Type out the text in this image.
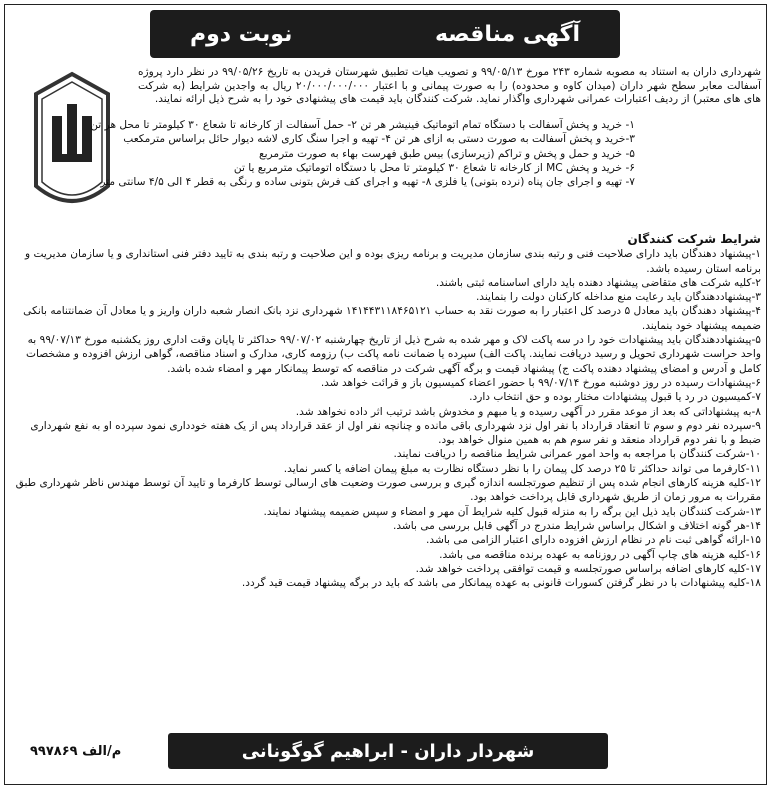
نوبت دوم	آگهی مناقصه
شهرداری داران به استناد به مصوبه شماره ۲۴۳ مورخ ۹۹/۰۵/۱۳ و تصویب هیات تطبیق شهرستان فریدن به تاریخ ۹۹/۰۵/۲۶ در نظر دارد پروژه آسفالت معابر سطح شهر داران (میدان کاوه و محدوده) را به صورت پیمانی و با اعتبار ۲۰/۰۰۰/۰۰۰/۰۰۰ ریال به واجدین شرایط (به شرکت های های معتبر) از ردیف اعتبارات عمرانی شهرداری واگذار نماید. شرکت کنندگان باید قیمت های پیشنهادی خود را به شرح ذیل ارائه نمایند.
۱- خرید و پخش آسفالت با دستگاه تمام اتوماتیک فینیشر هر تن ۲- حمل آسفالت از کارخانه تا شعاع ۳۰ کیلومتر تا محل هر تن
۳-خرید و پخش آسفالت به صورت دستی به ازای هر تن ۴- تهیه و اجرا سنگ کاری لاشه دیوار حائل براساس مترمکعب
۵- خرید و حمل و پخش و تراکم (زیرسازی) بیس طبق فهرست بهاء به صورت مترمربع
۶- خرید و پخش MC از کارخانه تا شعاع ۳۰ کیلومتر تا محل با دستگاه اتوماتیک مترمربع یا تن
۷- تهیه و اجرای جان پناه (نرده بتونی) یا فلزی ۸- تهیه و اجرای کف فرش بتونی ساده و رنگی به قطر ۴ الی ۴/۵ سانتی متر
شرایط شرکت کنندگان
۱-پیشنهاد دهندگان باید دارای صلاحیت فنی و رتبه بندی سازمان مدیریت و برنامه ریزی بوده و این صلاحیت و رتبه بندی به تایید دفتر فنی استانداری و یا سازمان مدیریت و برنامه استان رسیده باشد.
۲-کلیه شرکت های متقاضی پیشنهاد دهنده باید دارای اساسنامه ثبتی باشند.
۳-پیشنهاددهندگان باید رعایت منع مداخله کارکنان دولت را بنمایند.
۴-پیشنهاد دهندگان باید معادل ۵ درصد کل اعتبار را به صورت نقد به حساب ۱۴۱۴۴۳۱۱۸۴۶۵۱۲۱ شهرداری نزد بانک انصار شعبه داران واریز و یا معادل آن ضمانتنامه بانکی ضمیمه پیشنهاد خود بنمایند.
۵-پیشنهاددهندگان باید پیشنهادات خود را در سه پاکت لاک و مهر شده به شرح ذیل از تاریخ چهارشنبه ۹۹/۰۷/۰۲ حداکثر تا پایان وقت اداری روز یکشنبه مورخ ۹۹/۰۷/۱۳ به واحد حراست شهرداری تحویل و رسید دریافت نمایند. پاکت الف) سپرده یا ضمانت نامه پاکت ب) رزومه کاری، مدارک و اسناد مناقصه، گواهی ارزش افزوده و مشخصات کامل و آدرس و امضای پیشنهاد دهنده پاکت ج) پیشنهاد قیمت و برگه آگهی شرکت در مناقصه که توسط پیمانکار مهر و امضاء شده باشد.
۶-پیشنهادات رسیده در روز دوشنبه مورخ ۹۹/۰۷/۱۴ با حضور اعضاء کمیسیون باز و قرائت خواهد شد.
۷-کمیسیون در رد یا قبول پیشنهادات مختار بوده و حق انتخاب دارد.
۸-به پیشنهاداتی که بعد از موعد مقرر در آگهی رسیده و یا مبهم و مخدوش باشد ترتیب اثر داده نخواهد شد.
۹-سپرده نفر دوم و سوم تا انعقاد قرارداد با نفر اول نزد شهرداری باقی مانده و چنانچه نفر اول از عقد قرارداد پس از یک هفته خودداری نمود سپرده او به نفع شهرداری ضبط و با نفر دوم قرارداد منعقد و نفر سوم هم به همین منوال خواهد بود.
۱۰-شرکت کنندگان با مراجعه به واحد امور عمرانی شرایط مناقصه را دریافت نمایند.
۱۱-کارفرما می تواند حداکثر تا ۲۵ درصد کل پیمان را با نظر دستگاه نظارت به مبلغ پیمان اضافه یا کسر نماید.
۱۲-کلیه هزینه کارهای انجام شده پس از تنظیم صورتجلسه اندازه گیری و بررسی صورت وضعیت های ارسالی توسط کارفرما و تایید آن توسط مهندس ناظر شهرداری طبق مقررات به مرور زمان از طریق شهرداری قابل پرداخت خواهد بود.
۱۳-شرکت کنندگان باید ذیل این برگه را به منزله قبول کلیه شرایط آن مهر و امضاء و سپس ضمیمه پیشنهاد نمایند.
۱۴-هر گونه اختلاف و اشکال براساس شرایط مندرج در آگهی قابل بررسی می باشد.
۱۵-ارائه گواهی ثبت نام در نظام ارزش افزوده دارای اعتبار الزامی می باشد.
۱۶-کلیه هزینه های چاپ آگهی در روزنامه به عهده برنده مناقصه می باشد.
۱۷-کلیه کارهای اضافه براساس صورتجلسه و قیمت توافقی پرداخت خواهد شد.
۱۸-کلیه پیشنهادات با در نظر گرفتن کسورات قانونی به عهده پیمانکار می باشد که باید در برگه پیشنهاد قیمت قید گردد.
شهردار داران - ابراهیم گوگونانی
م/الف ۹۹۷۸۶۹
